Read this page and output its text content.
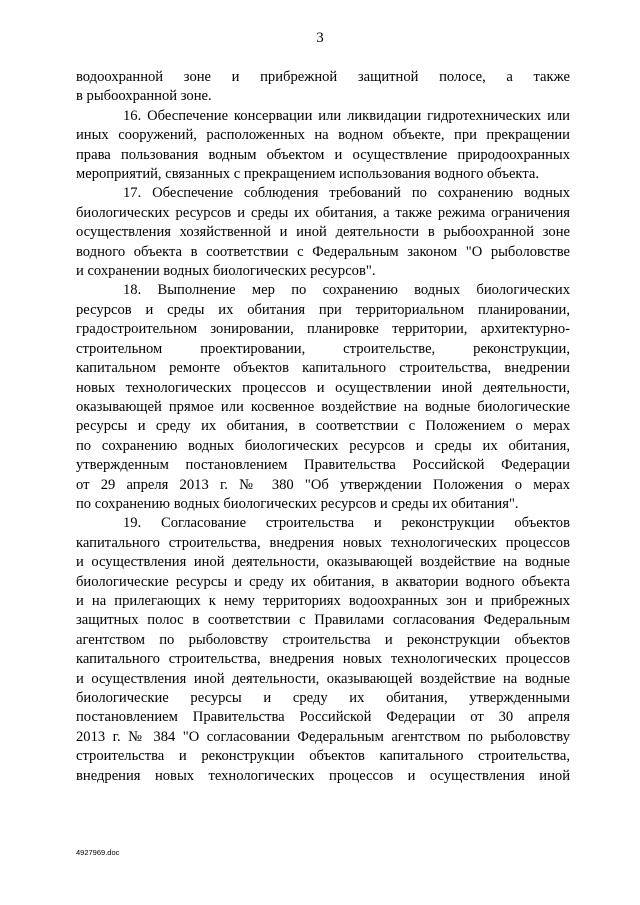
3

водоохранной зоне и прибрежной защитной полосе, а также
в рыбоохранной зоне.

16. Обеспечение консервации или ликвидации гидротехнических или
иных сооружений, расположенных на водном объекте, при прекращении
права пользования водным объектом и осуществление природоохранных
мероприятий, связанных с прекращением использования водного объекта.

17. Обеспечение соблюдения требований по сохранению водных
биологических ресурсов и среды их обитания, а также режима ограничения
осуществления хозяйственной и иной деятельности в рыбоохранной зоне
водного объекта в соответствии с Федеральным законом "О рыболовстве
и сохранении водных биологических ресурсов".

18. Выполнение мер по сохранению водных биологических
ресурсов и среды их обитания при территориальном планировании,
градостроительном зонировании, планировке территории, архитектурно-
строительном проектировании, строительстве, реконструкции,
капитальном ремонте объектов капитального строительства, внедрении
новых технологических процессов и осуществлении иной деятельности,
оказывающей прямое или косвенное воздействие на водные биологические
ресурсы и среду их обитания, в соответствии с Положением о мерах
по сохранению водных биологических ресурсов и среды их обитания,
утвержденным постановлением Правительства Российской Федерации
от 29 апреля 2013 г. № 380 "Об утверждении Положения о мерах
по сохранению водных биологических ресурсов и среды их обитания".

19. Согласование строительства и реконструкции объектов
капитального строительства, внедрения новых технологических процессов
и осуществления иной деятельности, оказывающей воздействие на водные
биологические ресурсы и среду их обитания, в акватории водного объекта
и на прилегающих к нему территориях водоохранных зон и прибрежных
защитных полос в соответствии с Правилами согласования Федеральным
агентством по рыболовству строительства и реконструкции объектов
капитального строительства, внедрения новых технологических процессов
и осуществления иной деятельности, оказывающей воздействие на водные
биологические ресурсы и среду их обитания, утвержденными
постановлением Правительства Российской Федерации от 30 апреля
2013 г. № 384 "О согласовании Федеральным агентством по рыболовству
строительства и реконструкции объектов капитального строительства,
внедрения новых технологических процессов и осуществления иной

4927969.doc
